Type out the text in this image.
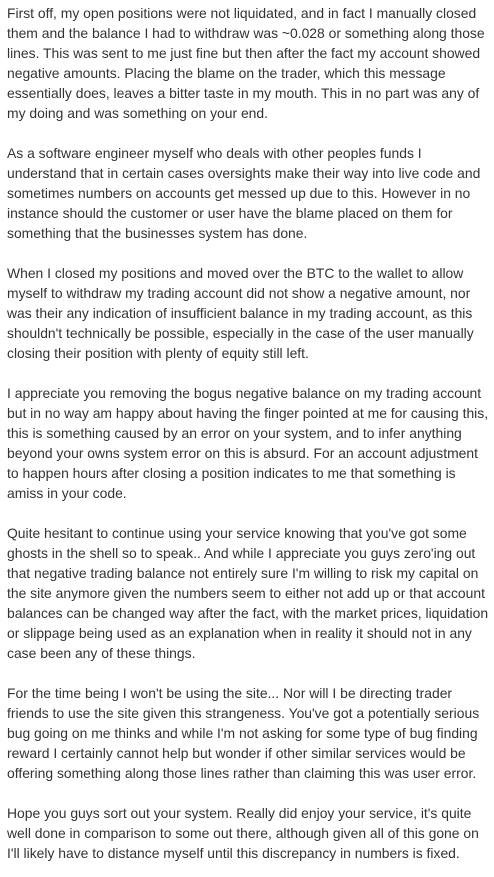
First off, my open positions were not liquidated, and in fact I manually closed them and the balance I had to withdraw was ~0.028 or something along those lines. This was sent to me just fine but then after the fact my account showed negative amounts. Placing the blame on the trader, which this message essentially does, leaves a bitter taste in my mouth. This in no part was any of my doing and was something on your end.

As a software engineer myself who deals with other peoples funds I understand that in certain cases oversights make their way into live code and sometimes numbers on accounts get messed up due to this. However in no instance should the customer or user have the blame placed on them for something that the businesses system has done.

When I closed my positions and moved over the BTC to the wallet to allow myself to withdraw my trading account did not show a negative amount, nor was their any indication of insufficient balance in my trading account, as this shouldn't technically be possible, especially in the case of the user manually closing their position with plenty of equity still left.

I appreciate you removing the bogus negative balance on my trading account but in no way am happy about having the finger pointed at me for causing this, this is something caused by an error on your system, and to infer anything beyond your owns system error on this is absurd. For an account adjustment to happen hours after closing a position indicates to me that something is amiss in your code.

Quite hesitant to continue using your service knowing that you've got some ghosts in the shell so to speak.. And while I appreciate you guys zero'ing out that negative trading balance not entirely sure I'm willing to risk my capital on the site anymore given the numbers seem to either not add up or that account balances can be changed way after the fact, with the market prices, liquidation or slippage being used as an explanation when in reality it should not in any case been any of these things.

For the time being I won't be using the site... Nor will I be directing trader friends to use the site given this strangeness. You've got a potentially serious bug going on me thinks and while I'm not asking for some type of bug finding reward I certainly cannot help but wonder if other similar services would be offering something along those lines rather than claiming this was user error.

Hope you guys sort out your system. Really did enjoy your service, it's quite well done in comparison to some out there, although given all of this gone on I'll likely have to distance myself until this discrepancy in numbers is fixed.
